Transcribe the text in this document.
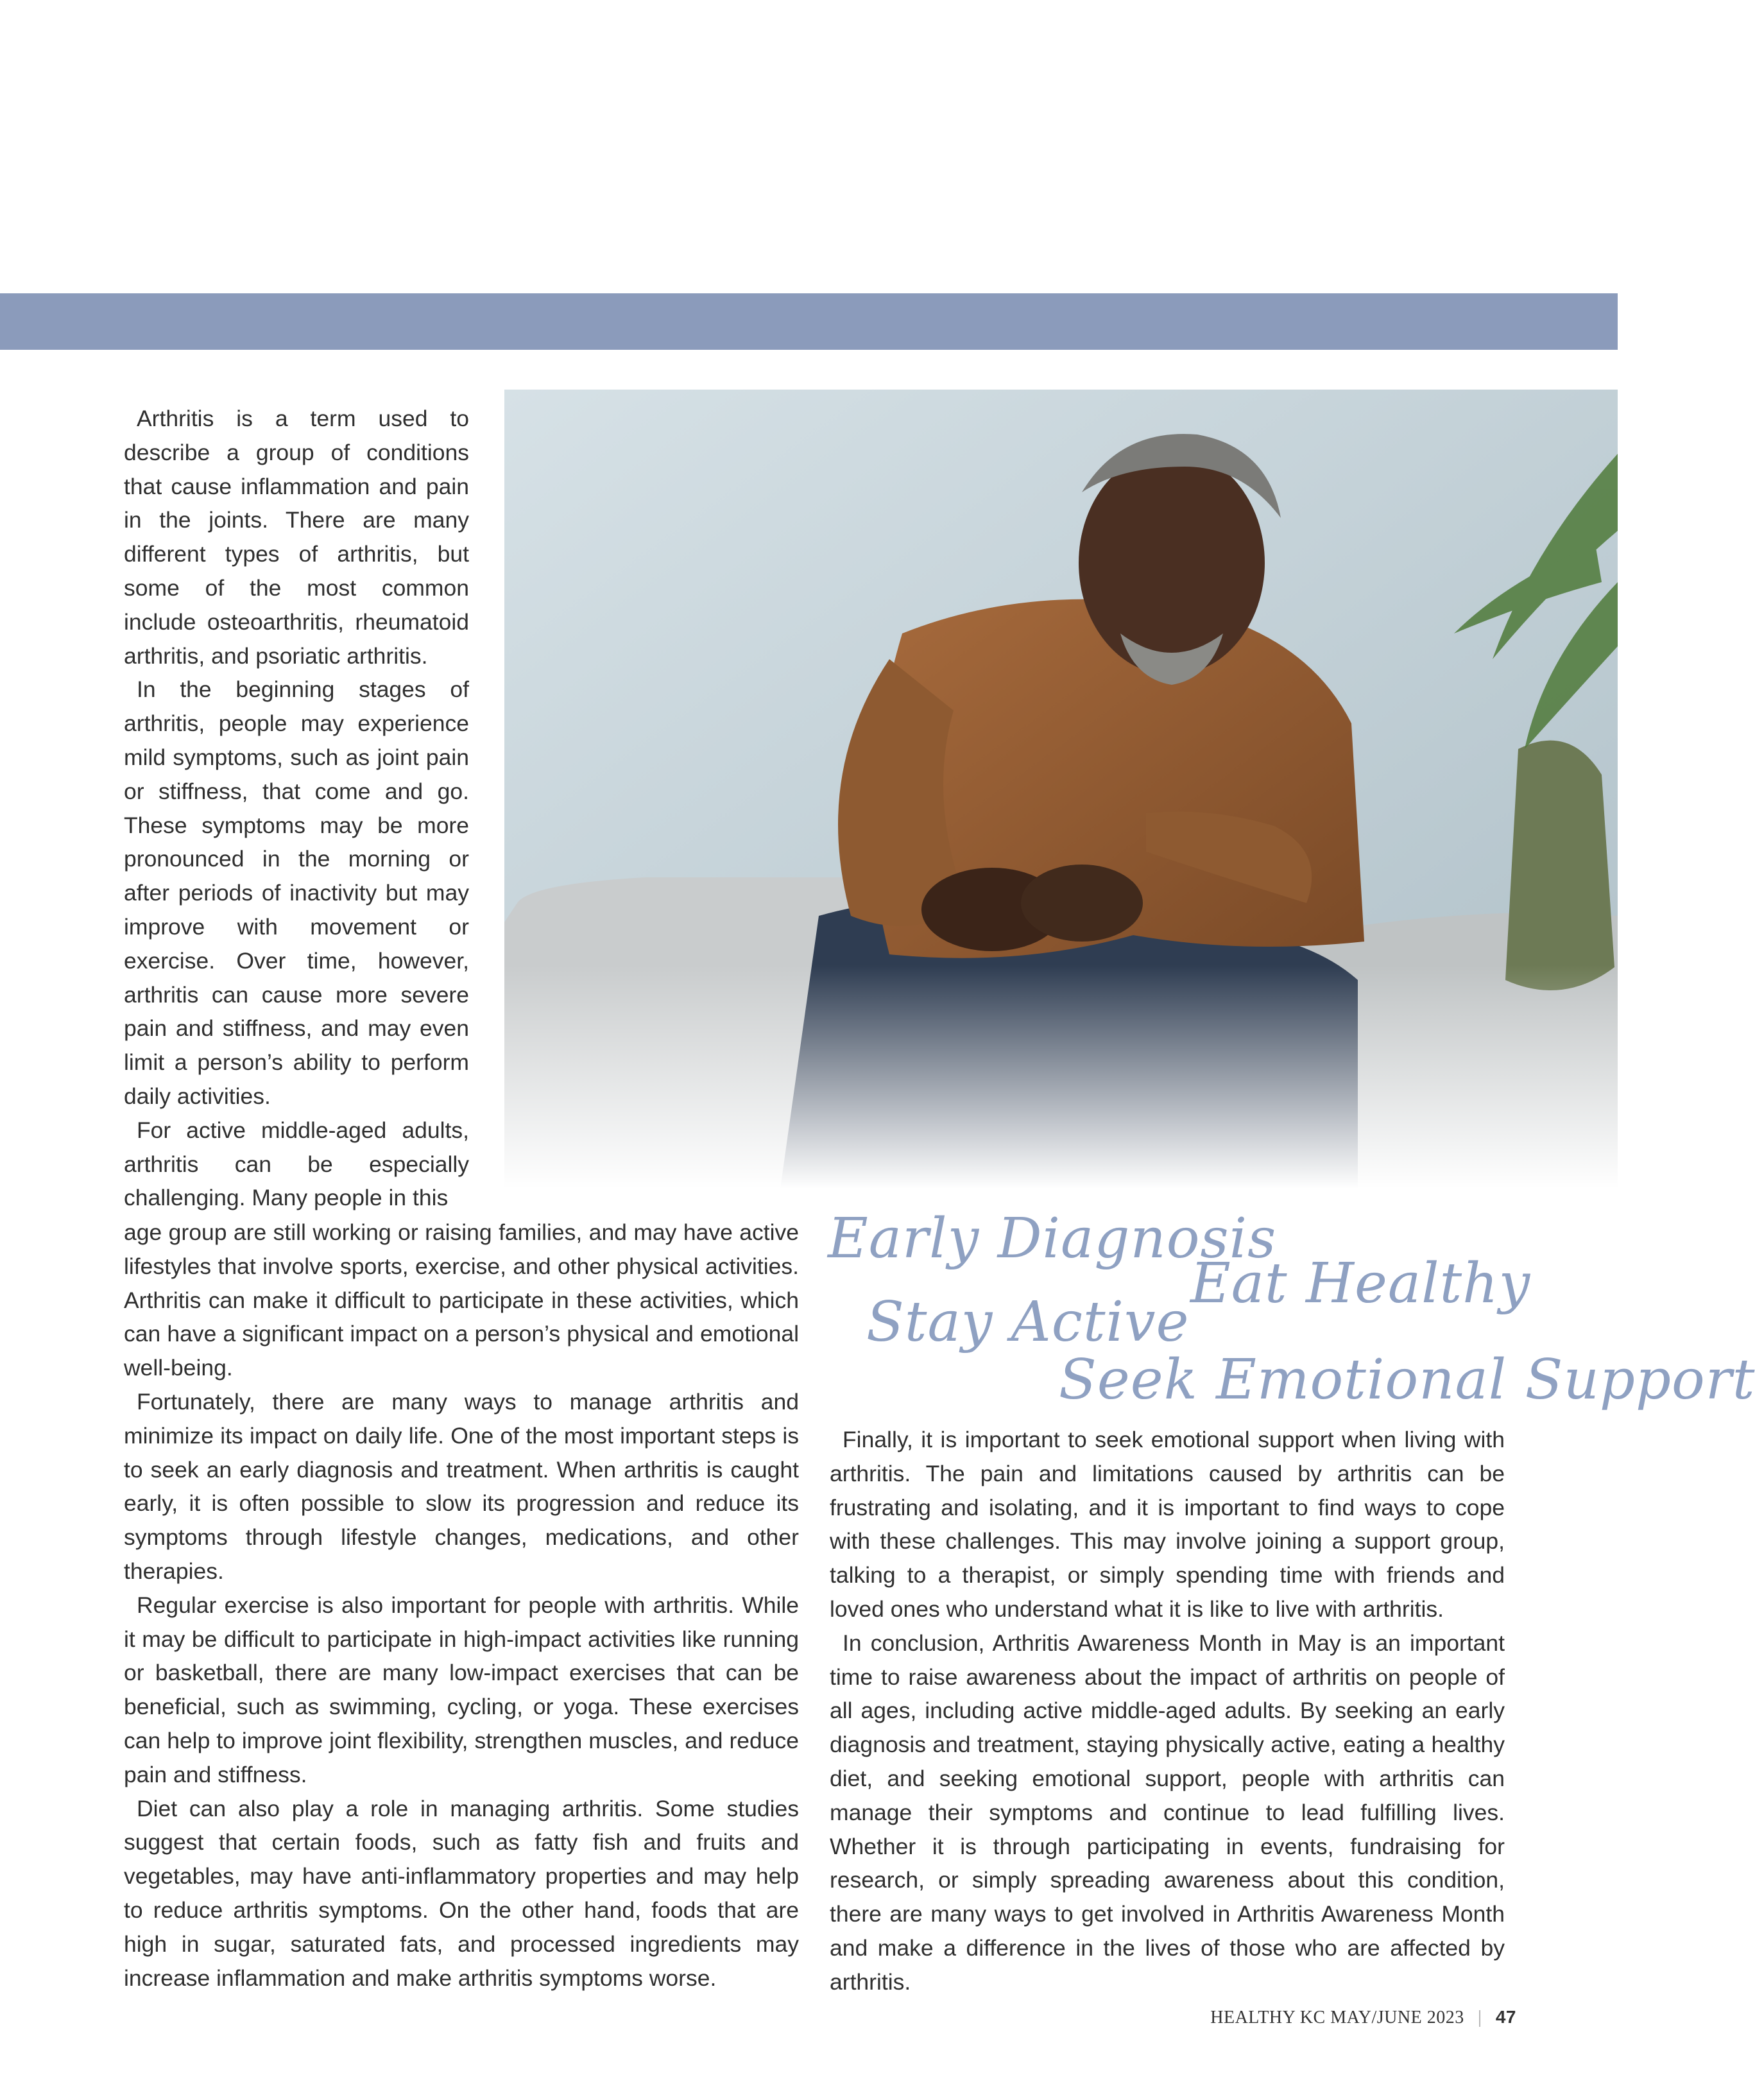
Arthritis is a term used to describe a group of conditions that cause inflammation and pain in the joints. There are many different types of arthritis, but some of the most common include osteoarthritis, rheumatoid arthritis, and psoriatic arthritis.

In the beginning stages of arthritis, people may experience mild symptoms, such as joint pain or stiffness, that come and go. These symptoms may be more pronounced in the morning or after periods of inactivity but may improve with movement or exercise. Over time, however, arthritis can cause more severe pain and stiffness, and may even limit a person’s ability to perform daily activities.

For active middle-aged adults, arthritis can be especially challenging. Many people in this

age group are still working or raising families, and may have active lifestyles that involve sports, exercise, and other physical activities. Arthritis can make it difficult to participate in these activities, which can have a significant impact on a person’s physical and emotional well-being.

Fortunately, there are many ways to manage arthritis and minimize its impact on daily life. One of the most important steps is to seek an early diagnosis and treatment. When arthritis is caught early, it is often possible to slow its progression and reduce its symptoms through lifestyle changes, medications, and other therapies.

Regular exercise is also important for people with arthritis. While it may be difficult to participate in high-impact activities like running or basketball, there are many low-impact exercises that can be beneficial, such as swimming, cycling, or yoga. These exercises can help to improve joint flexibility, strengthen muscles, and reduce pain and stiffness.

Diet can also play a role in managing arthritis. Some studies suggest that certain foods, such as fatty fish and fruits and vegetables, may have anti-inflammatory properties and may help to reduce arthritis symptoms. On the other hand, foods that are high in sugar, saturated fats, and processed ingredients may increase inflammation and make arthritis symptoms worse.

Early Diagnosis
Eat Healthy
Stay Active
Seek Emotional Support

Finally, it is important to seek emotional support when living with arthritis. The pain and limitations caused by arthritis can be frustrating and isolating, and it is important to find ways to cope with these challenges. This may involve joining a support group, talking to a therapist, or simply spending time with friends and loved ones who understand what it is like to live with arthritis.

In conclusion, Arthritis Awareness Month in May is an important time to raise awareness about the impact of arthritis on people of all ages, including active middle-aged adults. By seeking an early diagnosis and treatment, staying physically active, eating a healthy diet, and seeking emotional support, people with arthritis can manage their symptoms and continue to lead fulfilling lives. Whether it is through participating in events, fundraising for research, or simply spreading awareness about this condition, there are many ways to get involved in Arthritis Awareness Month and make a difference in the lives of those who are affected by arthritis.

HEALTHY KC MAY/JUNE 2023 | 47
